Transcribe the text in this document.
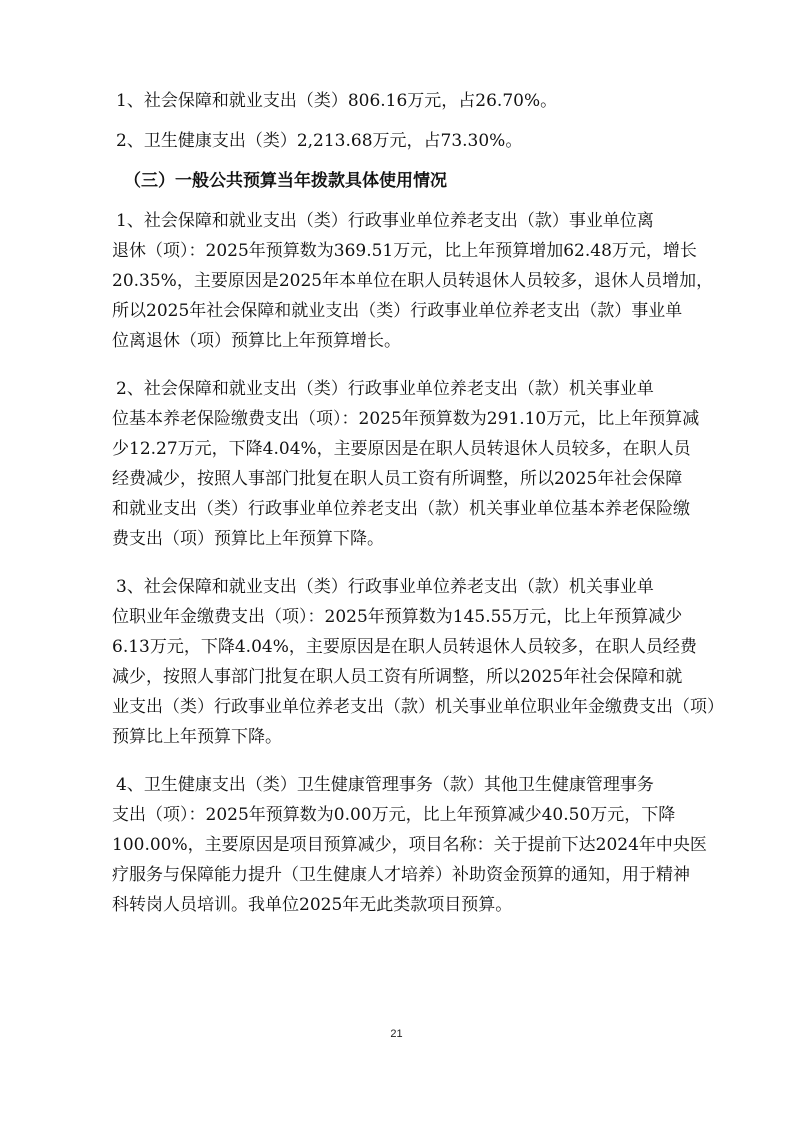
1、社会保障和就业支出（类）806.16万元，占26.70%。
2、卫生健康支出（类）2,213.68万元，占73.30%。
（三）一般公共预算当年拨款具体使用情况
1、社会保障和就业支出（类）行政事业单位养老支出（款）事业单位离
退休（项）：2025年预算数为369.51万元，比上年预算增加62.48万元，增长
20.35%，主要原因是2025年本单位在职人员转退休人员较多，退休人员增加，
所以2025年社会保障和就业支出（类）行政事业单位养老支出（款）事业单
位离退休（项）预算比上年预算增长。
2、社会保障和就业支出（类）行政事业单位养老支出（款）机关事业单
位基本养老保险缴费支出（项）：2025年预算数为291.10万元，比上年预算减
少12.27万元，下降4.04%，主要原因是在职人员转退休人员较多，在职人员
经费减少，按照人事部门批复在职人员工资有所调整，所以2025年社会保障
和就业支出（类）行政事业单位养老支出（款）机关事业单位基本养老保险缴
费支出（项）预算比上年预算下降。
3、社会保障和就业支出（类）行政事业单位养老支出（款）机关事业单
位职业年金缴费支出（项）：2025年预算数为145.55万元，比上年预算减少
6.13万元，下降4.04%，主要原因是在职人员转退休人员较多，在职人员经费
减少，按照人事部门批复在职人员工资有所调整，所以2025年社会保障和就
业支出（类）行政事业单位养老支出（款）机关事业单位职业年金缴费支出（项）
预算比上年预算下降。
4、卫生健康支出（类）卫生健康管理事务（款）其他卫生健康管理事务
支出（项）：2025年预算数为0.00万元，比上年预算减少40.50万元，下降
100.00%，主要原因是项目预算减少，项目名称：关于提前下达2024年中央医
疗服务与保障能力提升（卫生健康人才培养）补助资金预算的通知，用于精神
科转岗人员培训。我单位2025年无此类款项目预算。
21
